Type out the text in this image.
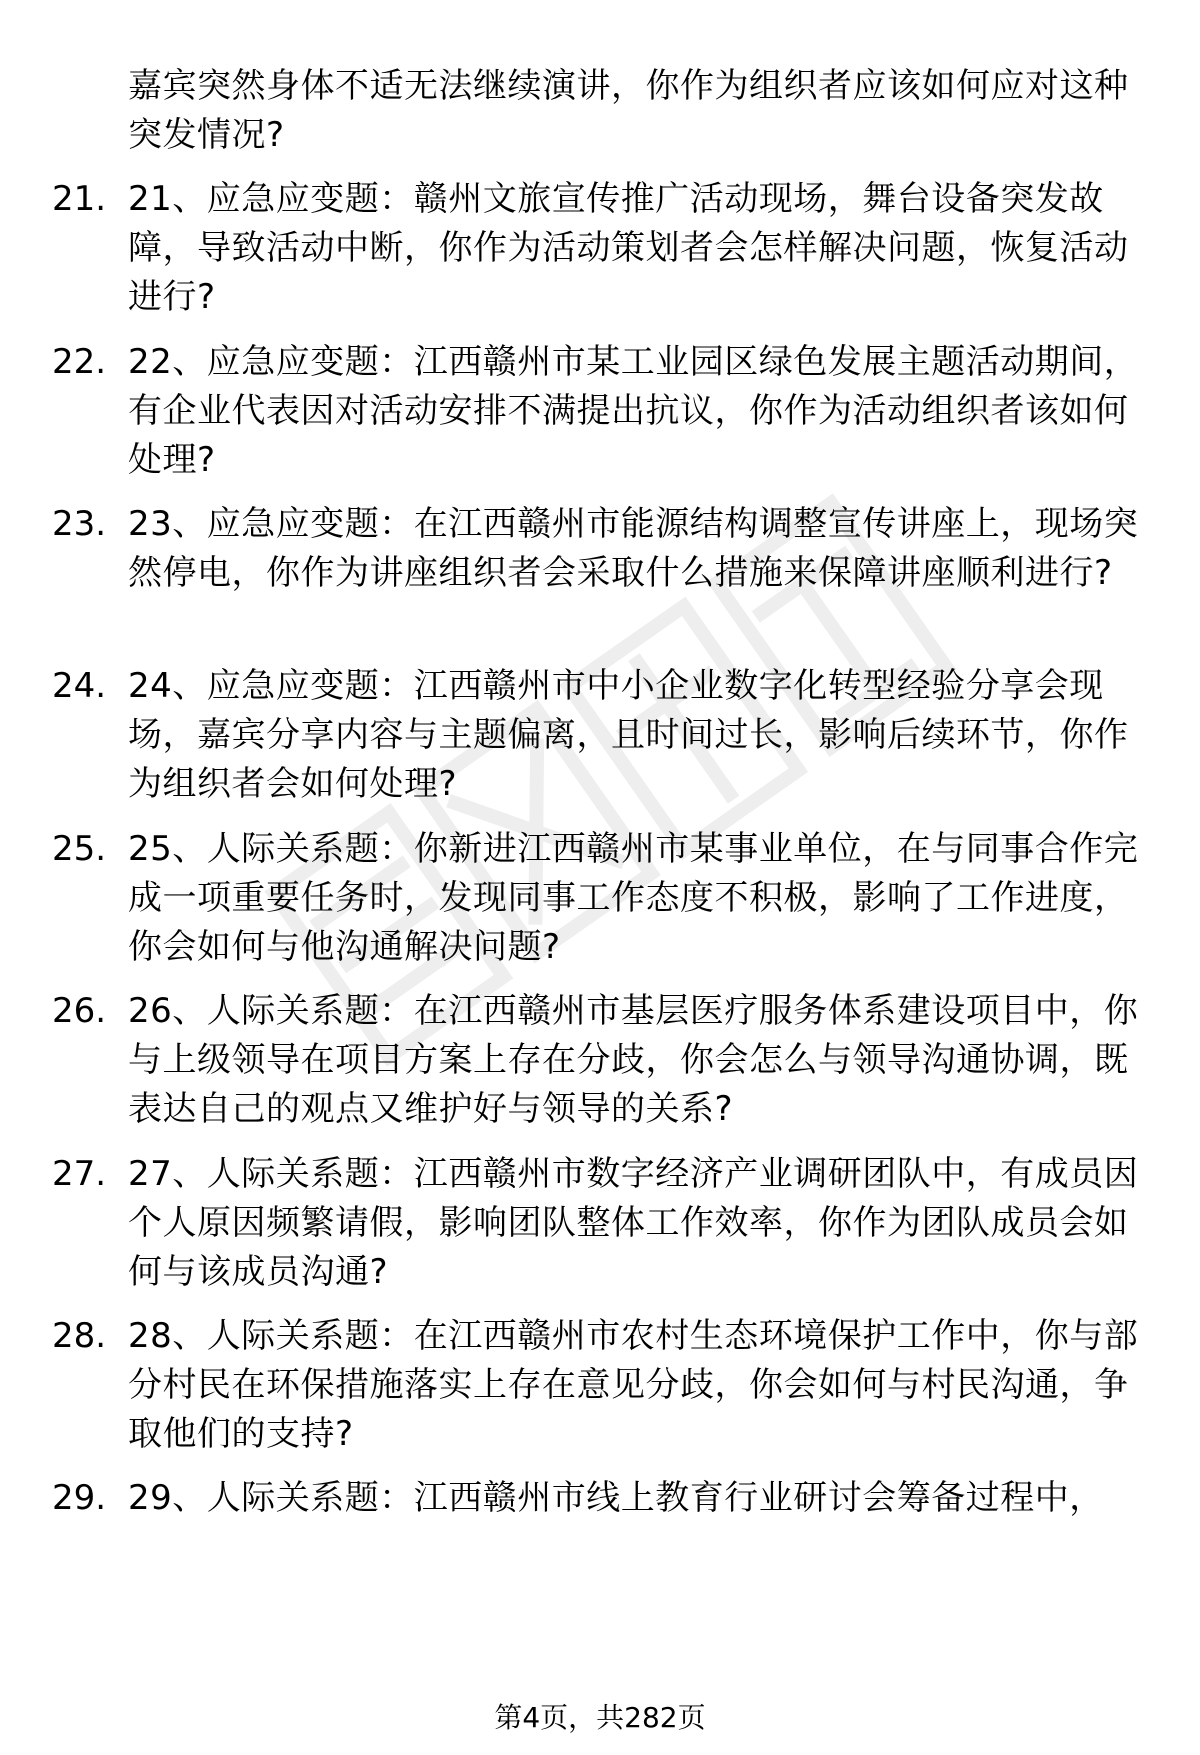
嘉宾突然身体不适无法继续演讲，你作为组织者应该如何应对这种突发情况?
21. 21、应急应变题：赣州文旅宣传推广活动现场，舞台设备突发故障，导致活动中断，你作为活动策划者会怎样解决问题，恢复活动进行?
22. 22、应急应变题：江西赣州市某工业园区绿色发展主题活动期间，有企业代表因对活动安排不满提出抗议，你作为活动组织者该如何处理?
23. 23、应急应变题：在江西赣州市能源结构调整宣传讲座上，现场突然停电，你作为讲座组织者会采取什么措施来保障讲座顺利进行?
24. 24、应急应变题：江西赣州市中小企业数字化转型经验分享会现场，嘉宾分享内容与主题偏离，且时间过长，影响后续环节，你作为组织者会如何处理?
25. 25、人际关系题：你新进江西赣州市某事业单位，在与同事合作完成一项重要任务时，发现同事工作态度不积极，影响了工作进度，你会如何与他沟通解决问题?
26. 26、人际关系题：在江西赣州市基层医疗服务体系建设项目中，你与上级领导在项目方案上存在分歧，你会怎么与领导沟通协调，既表达自己的观点又维护好与领导的关系?
27. 27、人际关系题：江西赣州市数字经济产业调研团队中，有成员因个人原因频繁请假，影响团队整体工作效率，你作为团队成员会如何与该成员沟通?
28. 28、人际关系题：在江西赣州市农村生态环境保护工作中，你与部分村民在环保措施落实上存在意见分歧，你会如何与村民沟通，争取他们的支持?
29. 29、人际关系题：江西赣州市线上教育行业研讨会筹备过程中，
第4页，共282页
